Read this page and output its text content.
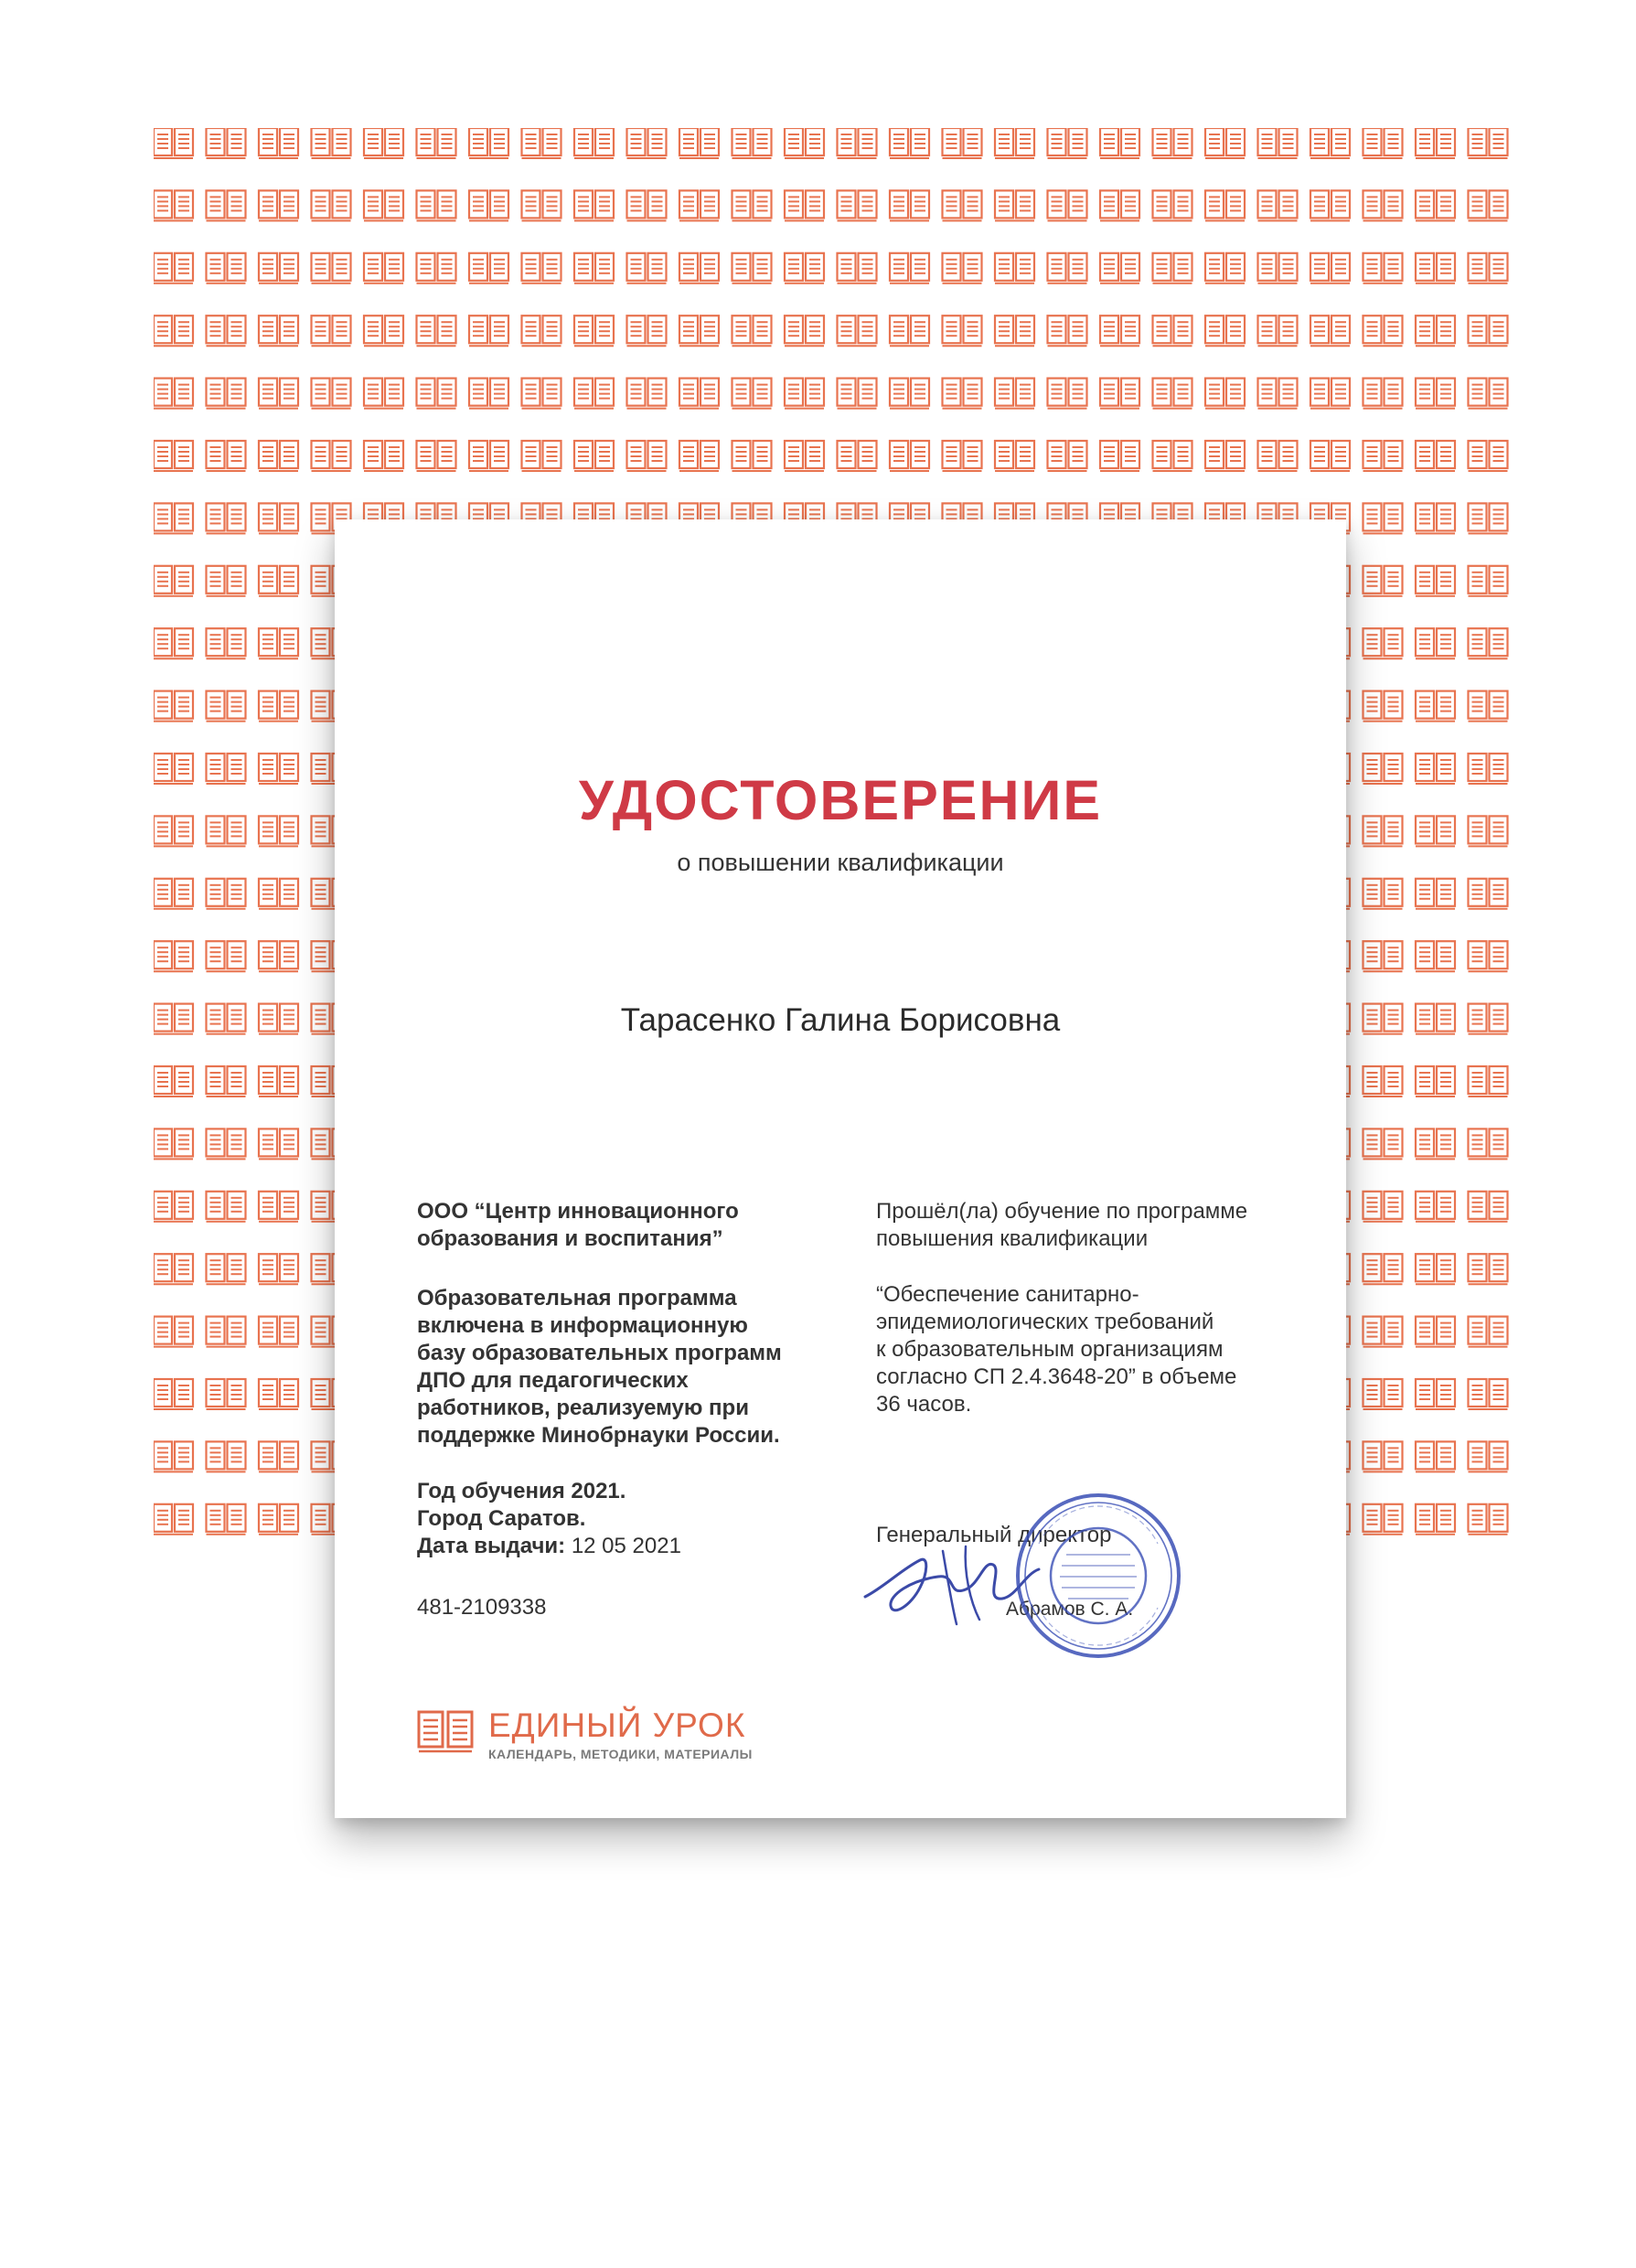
УДОСТОВЕРЕНИЕ
о повышении квалификации
Тарасенко Галина Борисовна
ООО “Центр инновационного
образования и воспитания”
Образовательная программа
включена в информационную
базу образовательных программ
ДПО для педагогических
работников, реализуемую при
поддержке Минобрнауки России.
Год обучения 2021.
Город Саратов.
Дата выдачи: 12 05 2021
481-2109338
Прошёл(ла) обучение по программе
повышения квалификации
“Обеспечение санитарно-
эпидемиологических требований
к образовательным организациям
согласно СП 2.4.3648-20” в объеме
36 часов.
Генеральный директор
Абрамов С. А.
ЕДИНЫЙ УРОК
КАЛЕНДАРЬ, МЕТОДИКИ, МАТЕРИАЛЫ
